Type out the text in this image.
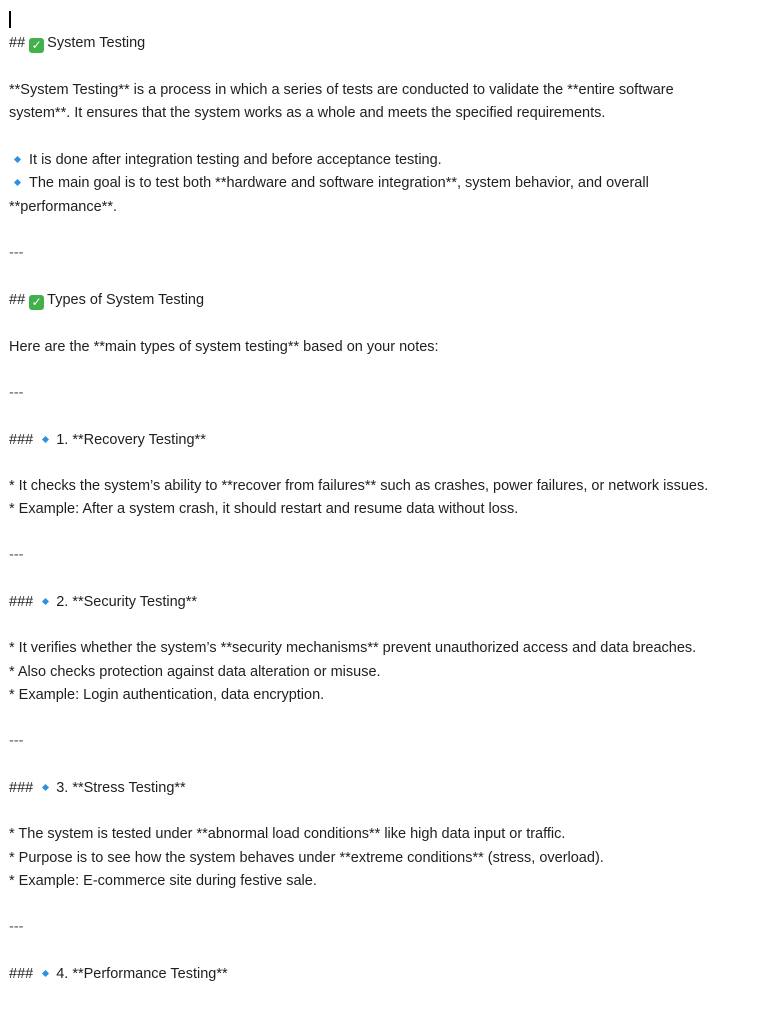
## ✓ System Testing
**System Testing** is a process in which a series of tests are conducted to validate the **entire software
system**. It ensures that the system works as a whole and meets the specified requirements.
It is done after integration testing and before acceptance testing.
The main goal is to test both **hardware and software integration**, system behavior, and overall
**performance**.
---
## ✓ Types of System Testing
Here are the **main types of system testing** based on your notes:
---
### 1. **Recovery Testing**
* It checks the system’s ability to **recover from failures** such as crashes, power failures, or network issues.
* Example: After a system crash, it should restart and resume data without loss.
---
### 2. **Security Testing**
* It verifies whether the system’s **security mechanisms** prevent unauthorized access and data breaches.
* Also checks protection against data alteration or misuse.
* Example: Login authentication, data encryption.
---
### 3. **Stress Testing**
* The system is tested under **abnormal load conditions** like high data input or traffic.
* Purpose is to see how the system behaves under **extreme conditions** (stress, overload).
* Example: E-commerce site during festive sale.
---
### 4. **Performance Testing**
